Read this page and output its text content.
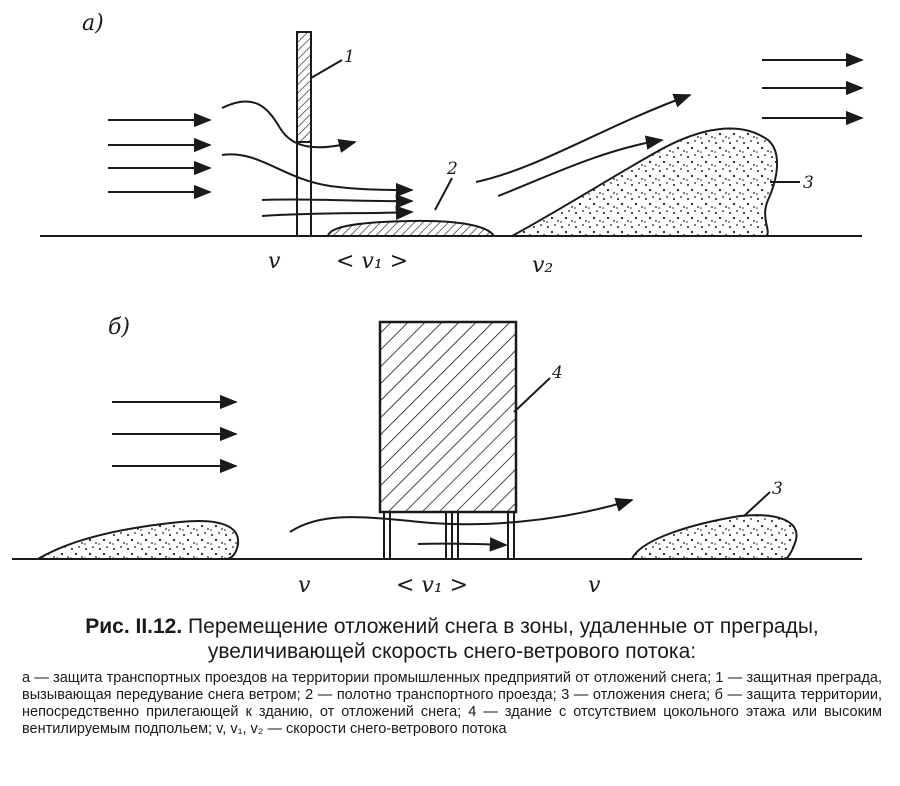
а)
1
2
3
v	< v₁ >	v₂
б)
4
3
v	< v₁ >	v

Рис. II.12. Перемещение отложений снега в зоны, удаленные от преграды, увеличивающей скорость снего-ветрового потока:

а — защита транспортных проездов на территории промышленных предприятий от отложений снега; 1 — защитная преграда, вызывающая передувание снега ветром; 2 — полотно транспортного проезда; 3 — отложения снега; б — защита территории, непосредственно прилегающей к зданию, от отложений снега; 4 — здание с отсутствием цокольного этажа или высоким вентилируемым подпольем; v, v₁, v₂ — скорости снего-ветрового потока
